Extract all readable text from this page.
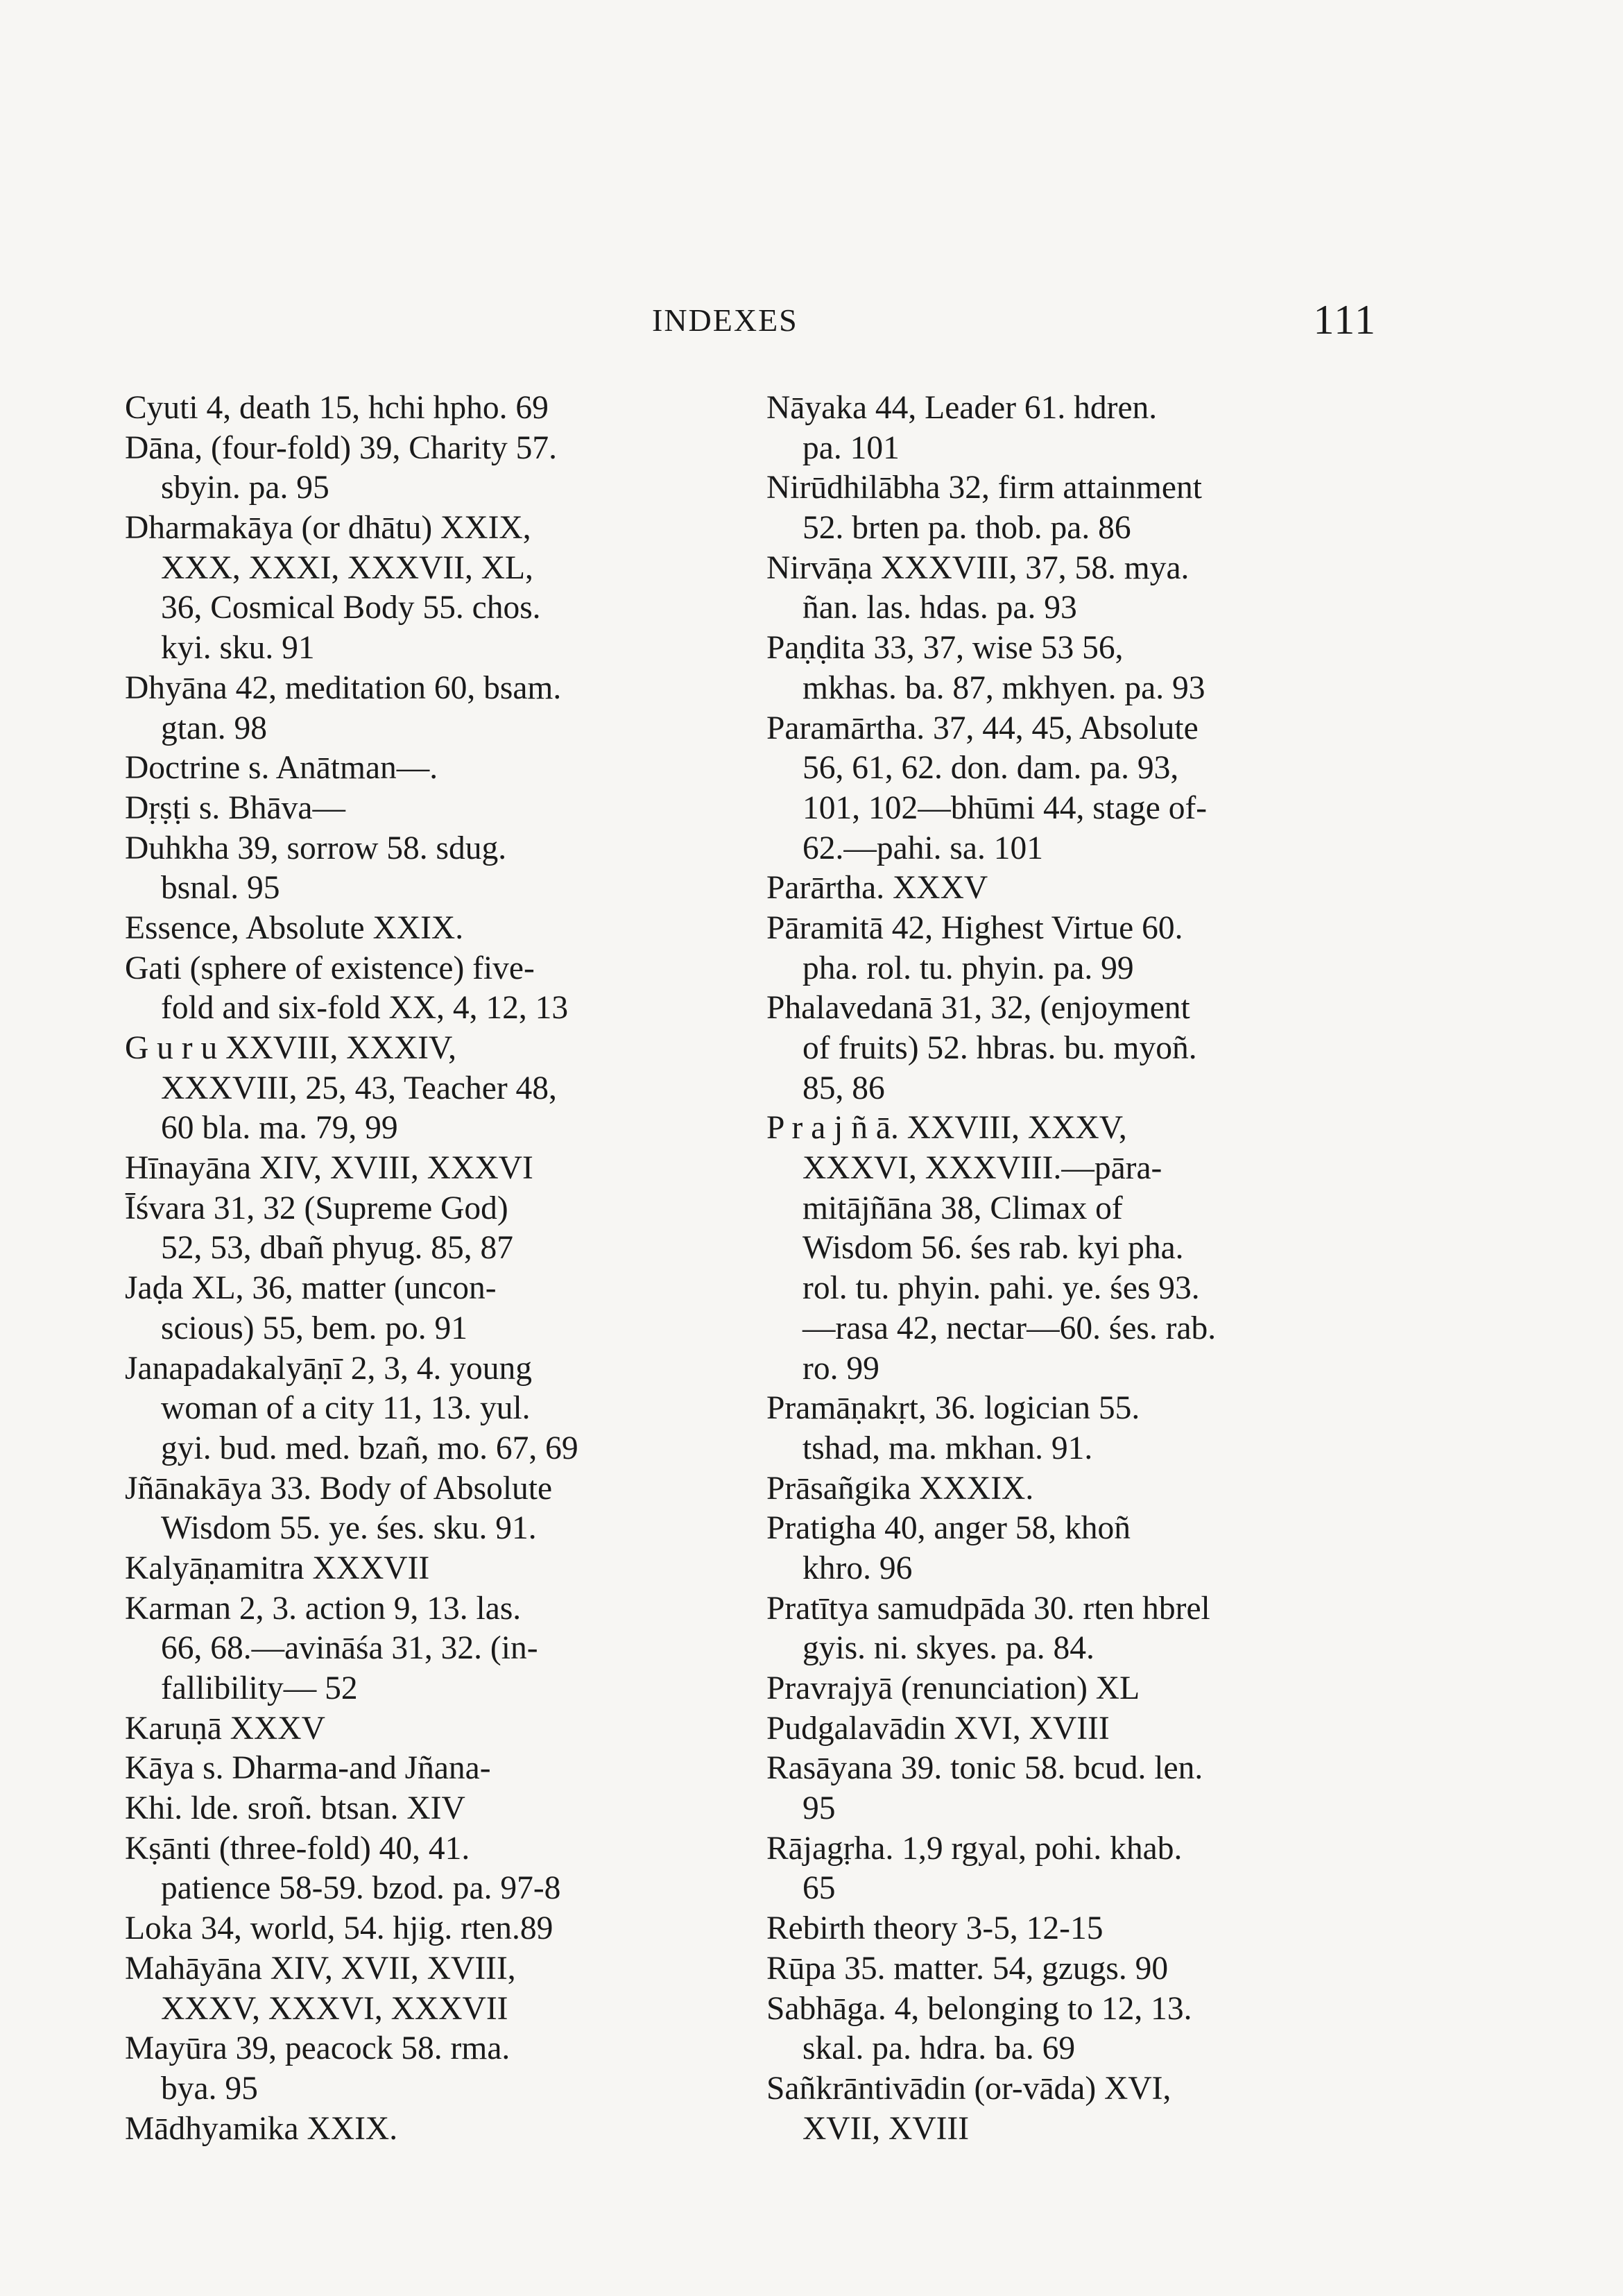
INDEXES	111
Cyuti 4, death 15, hchi hpho. 69
Dāna, (four-fold) 39, Charity 57.
sbyin. pa. 95
Dharmakāya (or dhātu) XXIX,
XXX, XXXI, XXXVII, XL,
36, Cosmical Body 55. chos.
kyi. sku. 91
Dhyāna 42, meditation 60, bsam.
gtan. 98
Doctrine s. Anātman—.
Dṛṣṭi s. Bhāva—
Duhkha 39, sorrow 58. sdug.
bsnal. 95
Essence, Absolute XXIX.
Gati (sphere of existence) five-
fold and six-fold XX, 4, 12, 13
G u r u XXVIII, XXXIV,
XXXVIII, 25, 43, Teacher 48,
60 bla. ma. 79, 99
Hīnayāna XIV, XVIII, XXXVI
Īśvara 31, 32 (Supreme God)
52, 53, dbañ phyug. 85, 87
Jaḍa XL, 36, matter (uncon-
scious) 55, bem. po. 91
Janapadakalyāṇī 2, 3, 4. young
woman of a city 11, 13. yul.
gyi. bud. med. bzañ, mo. 67, 69
Jñānakāya 33. Body of Absolute
Wisdom 55. ye. śes. sku. 91.
Kalyāṇamitra XXXVII
Karman 2, 3. action 9, 13. las.
66, 68.—avināśa 31, 32. (in-
fallibility— 52
Karuṇā XXXV
Kāya s. Dharma-and Jñana-
Khi. lde. sroñ. btsan. XIV
Kṣānti (three-fold) 40, 41.
patience 58-59. bzod. pa. 97-8
Loka 34, world, 54. hjig. rten.89
Mahāyāna XIV, XVII, XVIII,
XXXV, XXXVI, XXXVII
Mayūra 39, peacock 58. rma.
bya. 95
Mādhyamika XXIX.
Nāyaka 44, Leader 61. hdren.
pa. 101
Nirūdhilābha 32, firm attainment
52. brten pa. thob. pa. 86
Nirvāṇa XXXVIII, 37, 58. mya.
ñan. las. hdas. pa. 93
Paṇḍita 33, 37, wise 53 56,
mkhas. ba. 87, mkhyen. pa. 93
Paramārtha. 37, 44, 45, Absolute
56, 61, 62. don. dam. pa. 93,
101, 102—bhūmi 44, stage of-
62.—pahi. sa. 101
Parārtha. XXXV
Pāramitā 42, Highest Virtue 60.
pha. rol. tu. phyin. pa. 99
Phalavedanā 31, 32, (enjoyment
of fruits) 52. hbras. bu. myoñ.
85, 86
P r a j ñ ā. XXVIII, XXXV,
XXXVI, XXXVIII.—pāra-
mitājñāna 38, Climax of
Wisdom 56. śes rab. kyi pha.
rol. tu. phyin. pahi. ye. śes 93.
—rasa 42, nectar—60. śes. rab.
ro. 99
Pramāṇakṛt, 36. logician 55.
tshad, ma. mkhan. 91.
Prāsañgika XXXIX.
Pratigha 40, anger 58, khoñ
khro. 96
Pratītya samudpāda 30. rten hbrel
gyis. ni. skyes. pa. 84.
Pravrajyā (renunciation) XL
Pudgalavādin XVI, XVIII
Rasāyana 39. tonic 58. bcud. len.
95
Rājagṛha. 1,9 rgyal, pohi. khab.
65
Rebirth theory 3-5, 12-15
Rūpa 35. matter. 54, gzugs. 90
Sabhāga. 4, belonging to 12, 13.
skal. pa. hdra. ba. 69
Sañkrāntivādin (or-vāda) XVI,
XVII, XVIII
